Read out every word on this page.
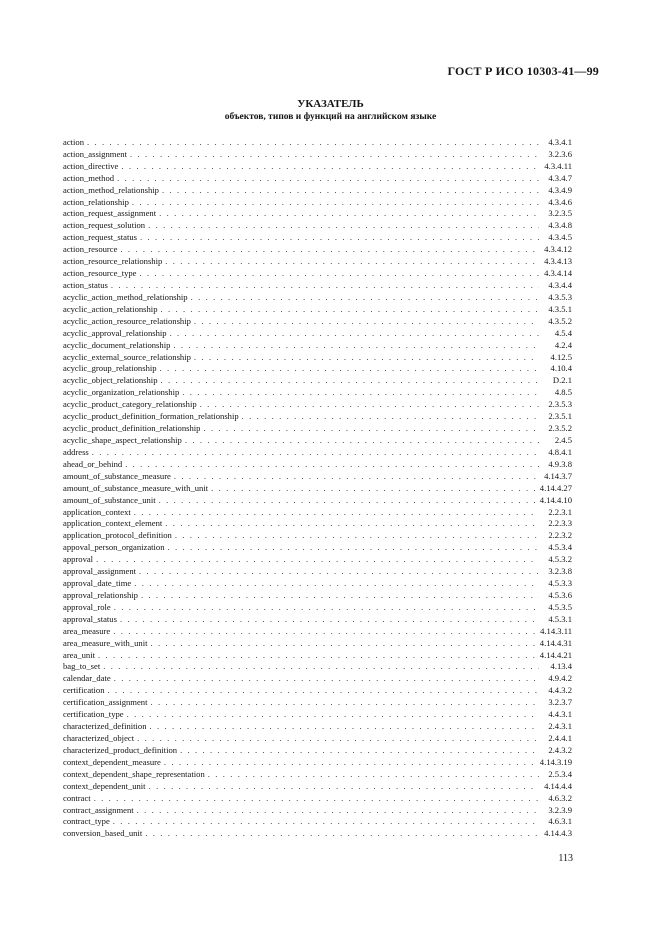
ГОСТ Р ИСО 10303-41—99
УКАЗАТЕЛЬ
объектов, типов и функций на английском языке
action . . .	4.3.4.1
action_assignment . . .	3.2.3.6
action_directive . . .	4.3.4.11
action_method . . .	4.3.4.7
action_method_relationship . . .	4.3.4.9
action_relationship . . .	4.3.4.6
action_request_assignment . . .	3.2.3.5
action_request_solution . . .	4.3.4.8
action_request_status . . .	4.3.4.5
action_resource . . .	4.3.4.12
action_resource_relationship . . .	4.3.4.13
action_resource_type . . .	4.3.4.14
action_status . . .	4.3.4.4
acyclic_action_method_relationship . . .	4.3.5.3
acyclic_action_relationship . . .	4.3.5.1
acyclic_action_resource_relationship . . .	4.3.5.2
acyclic_approval_relationship . . .	4.5.4
acyclic_document_relationship . . .	4.2.4
acyclic_external_source_relationship . . .	4.12.5
acyclic_group_relationship . . .	4.10.4
acyclic_object_relationship . . .	D.2.1
acyclic_organization_relationship . . .	4.8.5
acyclic_product_category_relationship . . .	2.3.5.3
acyclic_product_definition_formation_relationship . . .	2.3.5.1
acyclic_product_definition_relationship . . .	2.3.5.2
acyclic_shape_aspect_relationship . . .	2.4.5
address . . .	4.8.4.1
ahead_or_behind . . .	4.9.3.8
amount_of_substance_measure . . .	4.14.3.7
amount_of_substance_measure_with_unit . . .	4.14.4.27
amount_of_substance_unit . . .	4.14.4.10
application_context . . .	2.2.3.1
application_context_element . . .	2.2.3.3
application_protocol_definition . . .	2.2.3.2
appoval_person_organization . . .	4.5.3.4
approval . . .	4.5.3.2
approval_assignment . . .	3.2.3.8
approval_date_time . . .	4.5.3.3
approval_relationship . . .	4.5.3.6
approval_role . . .	4.5.3.5
approval_status . . .	4.5.3.1
area_measure . . .	4.14.3.11
area_measure_with_unit . . .	4.14.4.31
area_unit . . .	4.14.4.21
bag_to_set . . .	4.13.4
calendar_date . . .	4.9.4.2
certification . . .	4.4.3.2
certification_assignment . . .	3.2.3.7
certification_type . . .	4.4.3.1
characterized_definition . . .	2.4.3.1
characterized_object . . .	2.4.4.1
characterized_product_definition . . .	2.4.3.2
context_dependent_measure . . .	4.14.3.19
context_dependent_shape_representation . . .	2.5.3.4
context_dependent_unit . . .	4.14.4.4
contract . . .	4.6.3.2
contract_assignment . . .	3.2.3.9
contract_type . . .	4.6.3.1
conversion_based_unit . . .	4.14.4.3
113
